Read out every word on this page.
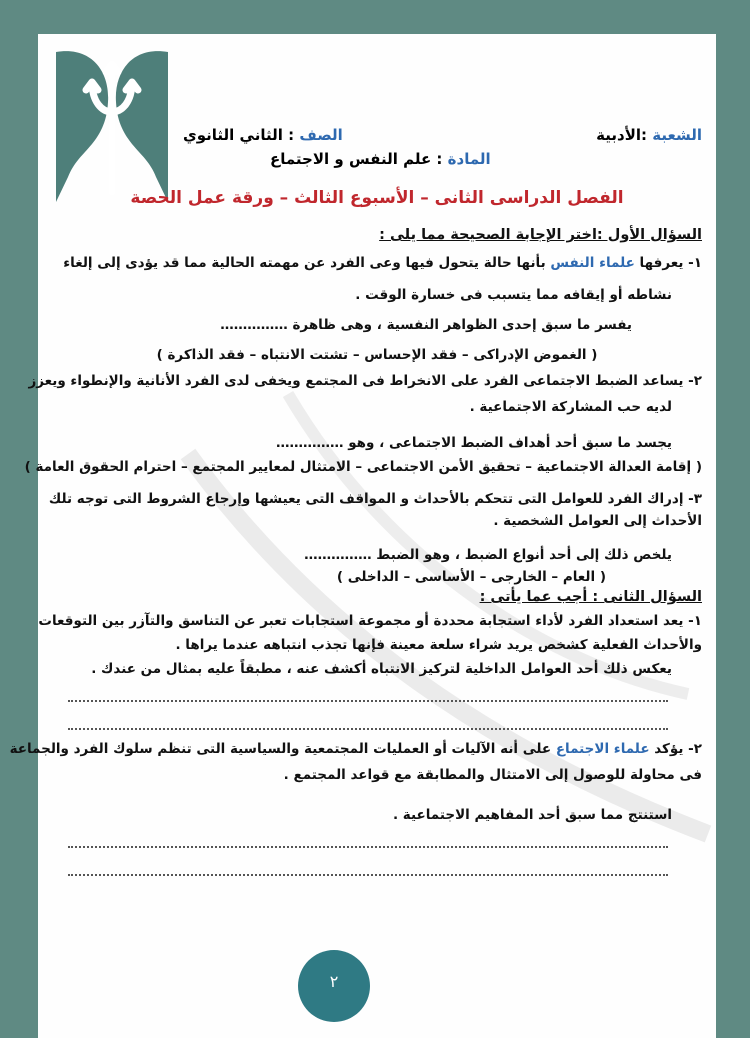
الشعبة :الأدبية
الصف : الثاني الثانوي
المادة : علم النفس و الاجتماع
الفصل الدراسى الثانى – الأسبوع الثالث – ورقة عمل الحصة
السؤال الأول :اختر الإجابة الصحيحة مما يلى :
١- يعرفها علماء النفس بأنها حالة يتحول فيها وعى الفرد عن مهمته الحالية مما قد يؤدى إلى إلغاء
نشاطه أو إيقافه مما يتسبب فى خسارة الوقت .
يفسر ما سبق إحدى الظواهر النفسية ، وهى ظاهرة ……………
( الغموض الإدراكى – فقد الإحساس – تشتت الانتباه – فقد الذاكرة )
٢- يساعد الضبط الاجتماعى الفرد على الانخراط فى المجتمع ويخفى لدى الفرد الأنانية والإنطواء ويعزز
لديه حب المشاركة الاجتماعية .
يجسد ما سبق أحد أهداف الضبط الاجتماعى ، وهو ……………
( إقامة العدالة الاجتماعية – تحقيق الأمن الاجتماعى – الامتثال لمعايير المجتمع – احترام الحقوق العامة )
٣- إدراك الفرد للعوامل التى تتحكم بالأحداث و المواقف التى يعيشها وإرجاع الشروط التى توجه تلك
الأحداث إلى العوامل الشخصية .
يلخص ذلك إلى أحد أنواع الضبط ، وهو الضبط ……………
( العام – الخارجى – الأساسى – الداخلى )
السؤال الثانى : أجب عما يأتى :
١- يعد استعداد الفرد لأداء استجابة محددة أو مجموعة استجابات تعبر عن التناسق والتآزر بين التوقعات
والأحداث الفعلية كشخص يريد شراء سلعة معينة فإنها تجذب انتباهه عندما يراها .
يعكس ذلك أحد العوامل الداخلية لتركيز الانتباه أكشف عنه ، مطبقاً عليه بمثال من عندك .
٢- يؤكد علماء الاجتماع على أنه الآليات أو العمليات المجتمعية والسياسية التى تنظم سلوك الفرد والجماعة
فى محاولة للوصول إلى الامتثال والمطابقة مع قواعد المجتمع .
استنتج مما سبق أحد المفاهيم الاجتماعية .
٢
